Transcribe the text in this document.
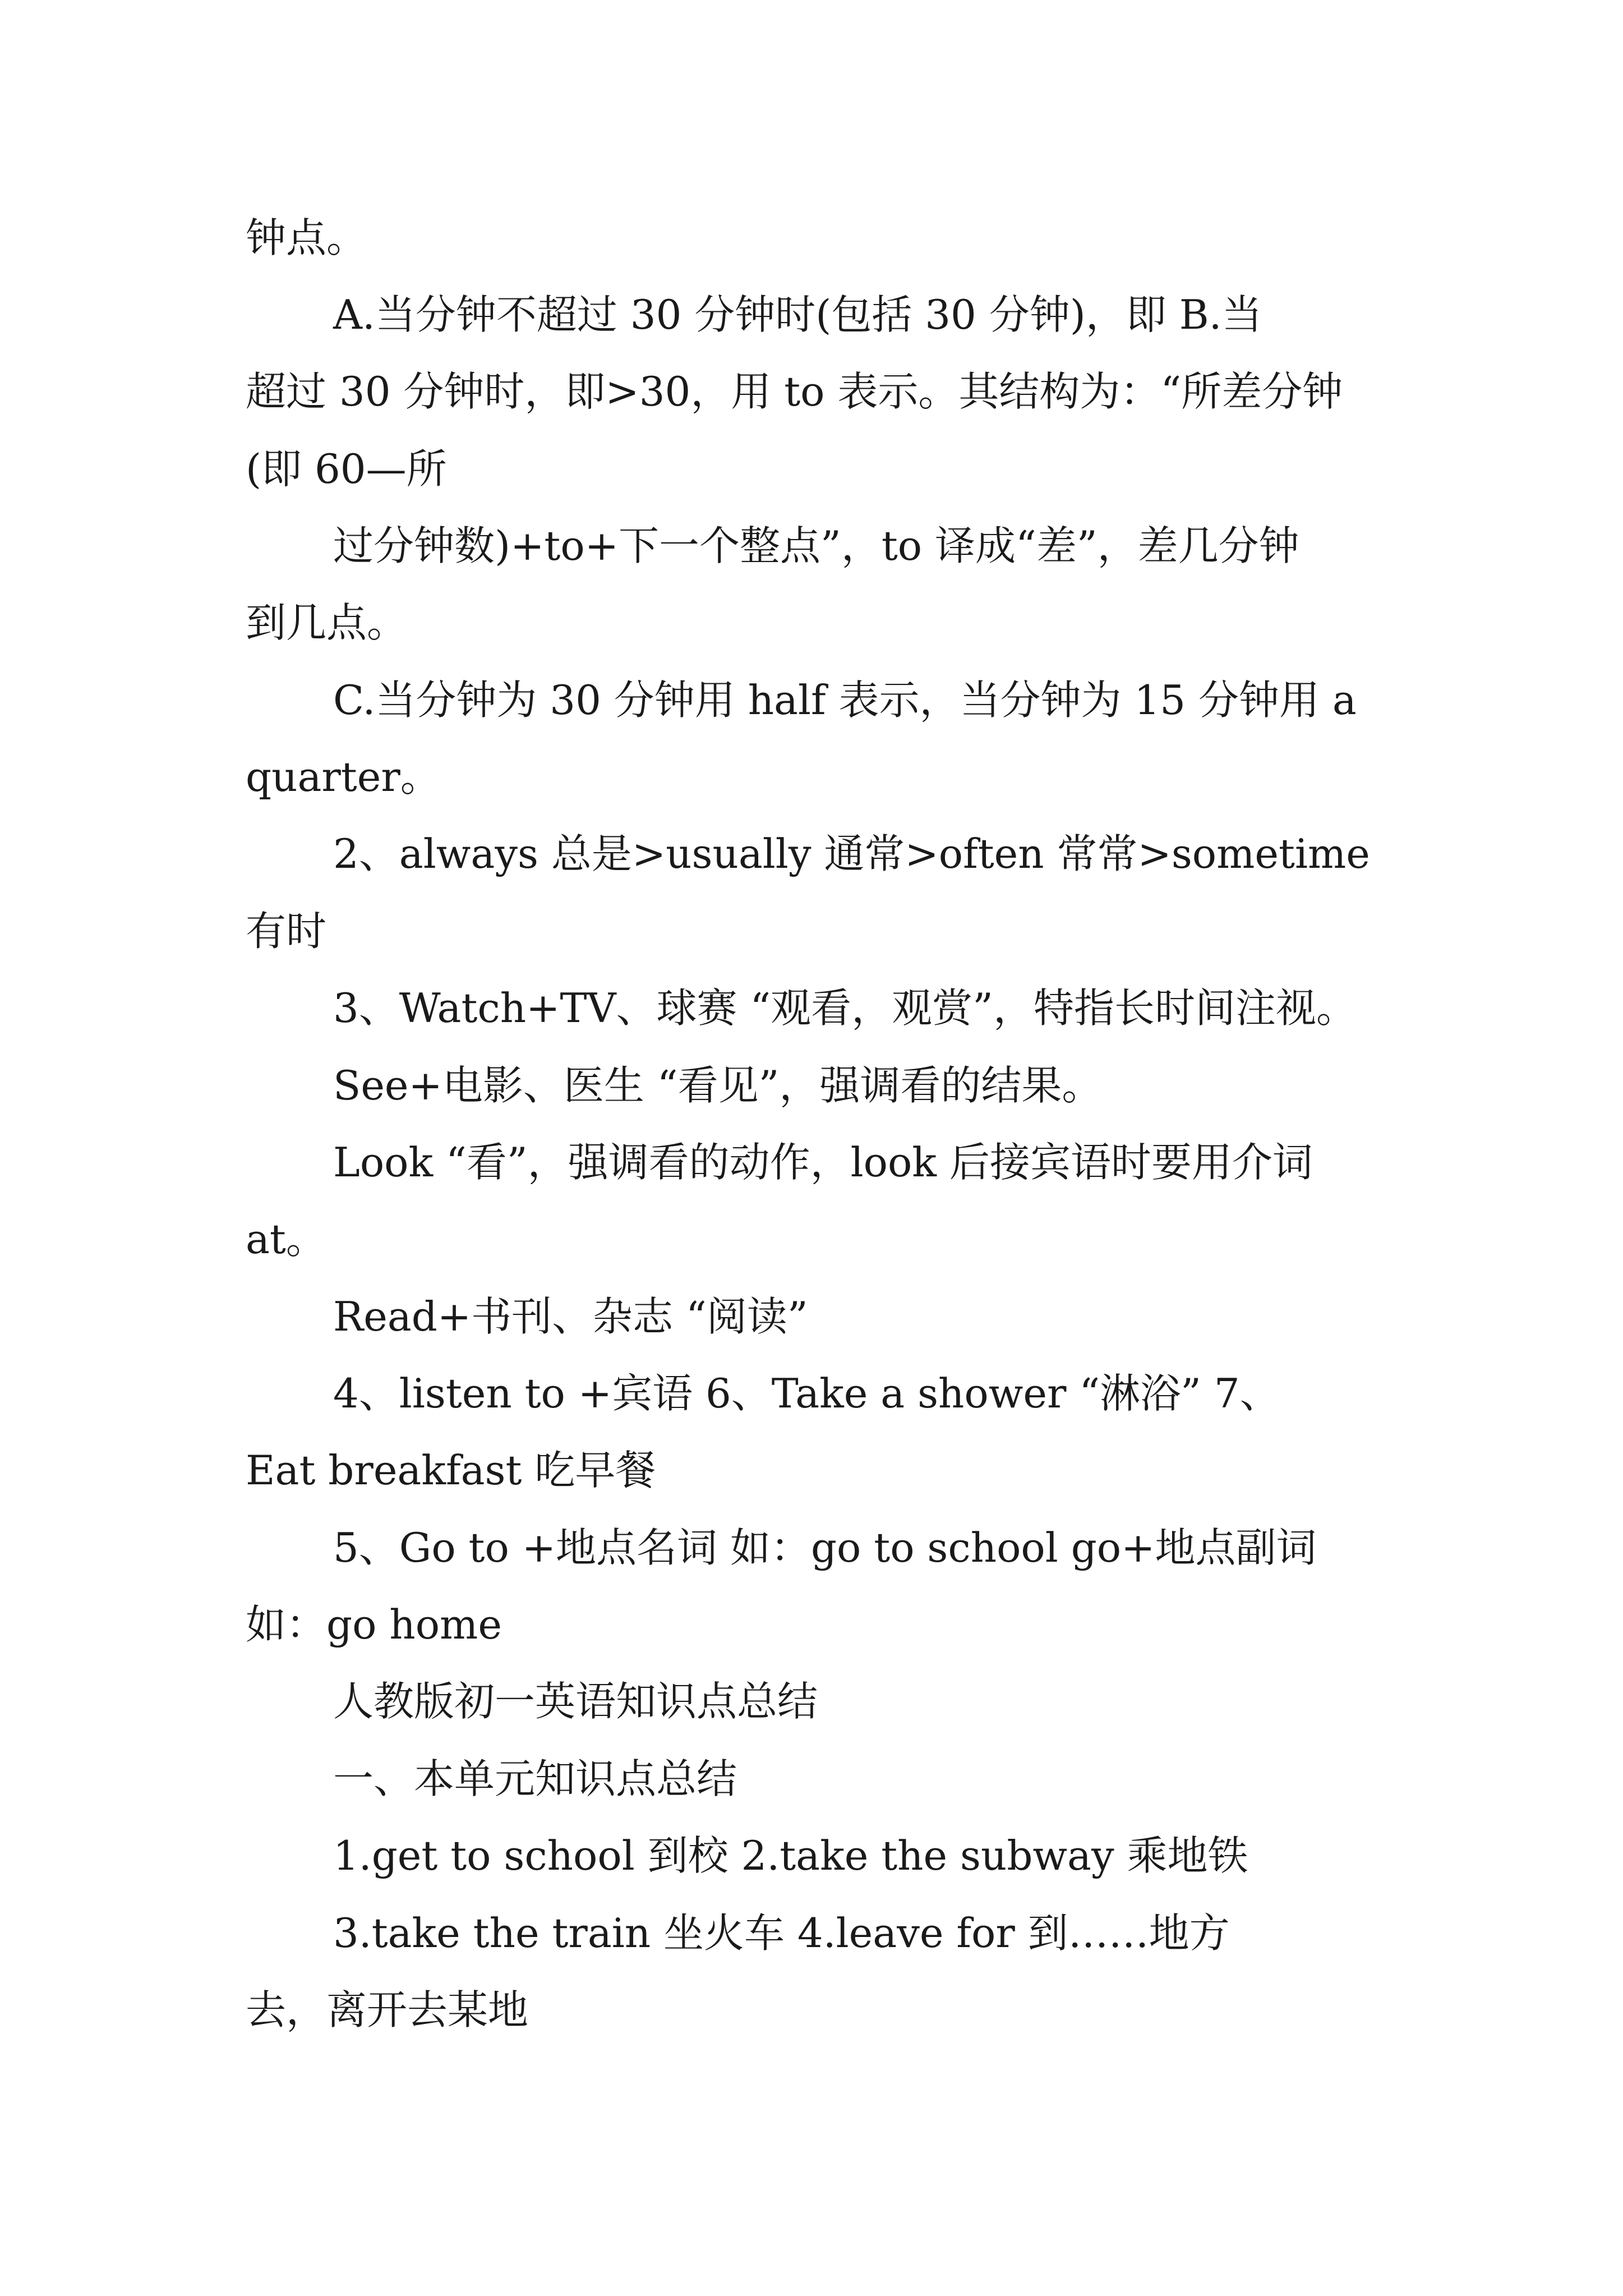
钟点。
A.当分钟不超过 30 分钟时(包括 30 分钟)，即 B.当
超过 30 分钟时，即>30，用 to 表示。其结构为：“所差分钟
(即 60—所
过分钟数)+to+下一个整点”，to 译成“差”，差几分钟
到几点。
C.当分钟为 30 分钟用 half 表示，当分钟为 15 分钟用 a
quarter。
2、always 总是>usually 通常>often 常常>sometime
有时
3、Watch+TV、球赛 “观看，观赏”，特指长时间注视。
See+电影、医生 “看见”，强调看的结果。
Look “看”，强调看的动作，look 后接宾语时要用介词
at。
Read+书刊、杂志 “阅读”
4、listen to +宾语 6、Take a shower “淋浴” 7、
Eat breakfast 吃早餐
5、Go to +地点名词 如：go to school go+地点副词
如：go home
人教版初一英语知识点总结
一、本单元知识点总结
1.get to school 到校 2.take the subway 乘地铁
3.take the train 坐火车 4.leave for 到……地方
去，离开去某地
